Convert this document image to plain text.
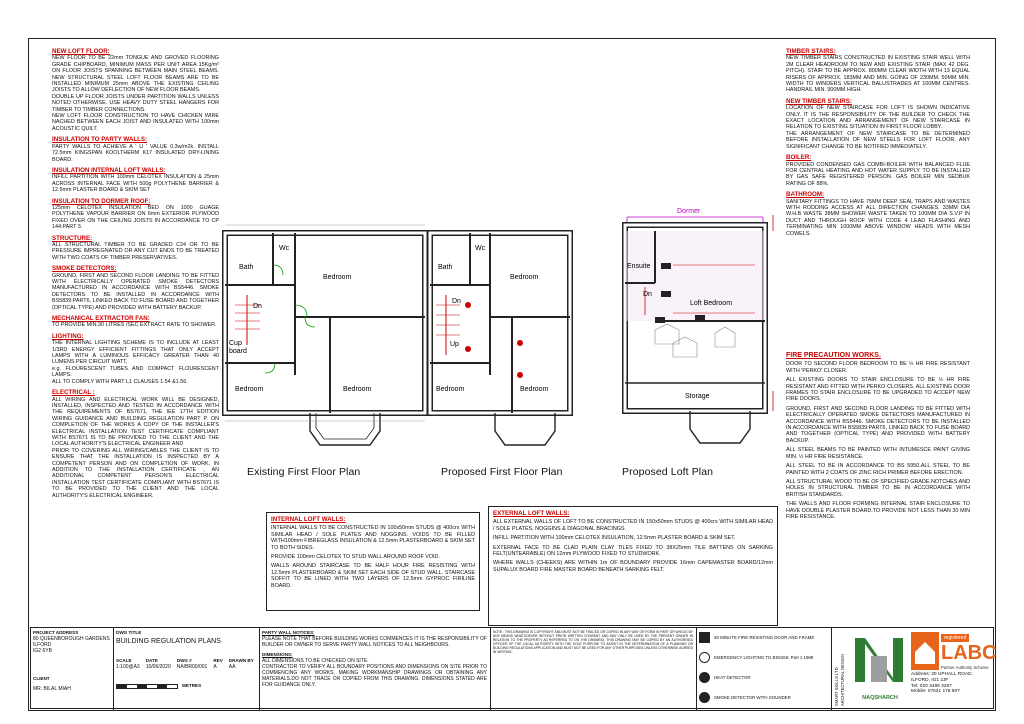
NEW LOFT FLOOR:
NEW FLOOR TO BE 22mm TONGUE AND GROVED FLOORING GRADE CHIPBOARD, MINIMUM MASS PER UNIT AREA 15Kg/m² ON FLOOR JOISTS SPANNING BETWEEN MAIN STEEL BEAMS. NEW STRUCTURAL STEEL LOFT FLOOR BEAMS ARE TO BE INSTALLED MINIMUM 25mm ABOVE THE EXISTING CEILING JOISTS TO ALLOW DEFLECTION OF NEW FLOOR BEAMS.
DOUBLE UP FLOOR JOISTS UNDER PARTITION WALLS UNLESS NOTED OTHERWISE. USE HEAVY DUTY STEEL HANGERS FOR TIMBER TO TIMBER CONNECTIONS.
NEW LOFT FLOOR CONSTRUCTION TO HAVE CHICKEN WIRE NACHED BETWEEN EACH JOIST AND INSULATED WITH 100mm ACOUSTIC QUILT.
INSULATION TO PARTY WALLS:
PARTY WALLS TO ACHIEVE A ' U ' VALUE 0.3w/m2k. INSTALL 72.5mm KINGSPAN KOOLTHERM K17 INSULATED DRY-LINING BOARD.
INSULATION INTERNAL LOFT WALLS:
INFILL PARTITION WITH 100mm CELOTEX INSULATION & 25mm ACROSS INTERNAL FACE WITH 500g POLYTHENE BARRIER & 12.5mm PLASTER BOARD & SKIM SET
INSULATION TO DORMER ROOF:
125mm CELOTEX INSULATION BED ON 1000 GUAGE POLYTHENE VAPOUR BARRIER ON 6mm EXTERIOR PLYWOOD FIXED OVER ON THE CEILING JOISTS IN ACCORDANCE TO CP 144:PART 3.
STRUCTURE:
ALL STRUCTURAL TIMBER TO BE GRADED C24 OR TO BE PRESSURE IMPREGNATED OR ANY CUT ENDS TO BE TREATED WITH TWO COATS OF TIMBER PRESERVATIVES.
SMOKE DETECTORS:
GROUND, FIRST AND SECOND FLOOR LANDING TO BE FITTED WITH ELECTRICALLY OPERATED SMOKE DETECTORS MANUFACTURED IN ACCORDANCE WITH BS5446. SMOKE DETECTORS TO BE INSTALLED IN ACCORDANCE WITH BS5839:PART6, LINKED BACK TO FUSE BOARD AND TOGETHER (OPTICAL TYPE) AND PROVIDED WITH BATTERY BACKUP.
MECHANICAL EXTRACTOR FAN:
TO PROVIDE MIN.30 LITRES /SEC EXTRACT RATE TO SHOWER.
LIGHTING:
THE INTERNAL LIGHTING SCHEME IS TO INCLUDE AT LEAST 1/3RD ENERGY EFFICIENT FITTINGS THAT ONLY ACCEPT LAMPS WITH A LUMINOUS EFFICACY GREATER THAN 40 LUMENS PER CIRCUIT WATT,
e.g. FLOURESCENT TUBES AND COMPACT FLOURESCENT LAMPS.
ALL TO COMPLY WITH PART L1 CLAUSES 1.54 &1.56.
ELECTRICAL :
ALL WIRING AND ELECTRICAL WORK WILL BE DESIGNED, INSTALLED, INSPECTED AND TESTED IN ACCORDANCE WITH THE REQUIREMENTS OF BS7671, THE IEE 17TH EDITION WIRING GUIDANCE AND BUILDING REGULATION PART P. ON COMPLETION OF THE WORKS A COPY OF THE INSTALLER'S ELECTRICAL INSTALLATION TEST CERTIFICATE COMPLIANT WITH BS7671 IS TO BE PROVIDED TO THE CLIENT AND THE LOCAL AUTHORITY'S ELECTRICAL ENGINEER AND
PRIOR TO COVERING ALL WIRING/CABLES THE CLIENT IS TO ENSURE THAT THE INSTALLATION IS INSPECTED BY A COMPETENT PERSON AND ON COMPLETION OF WORK, IN ADDITION TO THE INSTALLATION CERTIFICATE , AN ADDITIONAL COMPETENT PERSON'S ELECTRICAL INSTALLATION TEST CERTIFICATE COMPLIANT WITH BS7671 IS TO BE PROVIDED TO THE CLIENT AND THE LOCAL AUTHORITY'S ELECTRICAL ENGINEER.
TIMBER STAIRS:
NEW TIMBER STAIRS CONSTRUCTED IN EXISTING STAIR WELL WITH 2M CLEAR HEADROOM TO NEW AND EXISTING STAIR (MAX 42 DEG. PITCH). STAIR TO BE APPROX. 800MM CLEAR WIDTH WITH 13 EQUAL RISERS OF APPROX. 183MM AND MIN. GOING OF 230MM. 50MM MIN. WIDTH TO WINDERS VERTICAL BALUSTRADES AT 100MM CENTRES. HANDRAIL MIN. 900MM HIGH.
NEW TIMBER STAIRS:
LOCATION OF NEW STAIRCASE FOR LOFT IS SHOWN INDICATIVE ONLY. IT IS THE RESPONSIBILITY OF THE BUILDER TO CHECK THE EXACT LOCATION AND ARRANGEMENT OF NEW STAIRCASE IN RELATION TO EXISTING SITUATION IN FIRST FLOOR LOBBY.
THE ARRANGEMENT OF NEW STAIRCASE TO BE DETERMINED BEFORE INSTALLATION OF NEW STEELS FOR LOFT FLOOR. ANY SIGNIFICANT CHANGE TO BE NOTIFIED IMMEDIATELY.
BOILER:
PROVIDED CONDENSED GAS COMBI-BOILER WITH BALANCED FLUE FOR CENTRAL HEATING AND HOT WATER SUPPLY. TO BE INSTALLED BY GAS SAFE REGISTERED PERSON. GAS BOILER MIN SEDBUK RATING OF 88%.
BATHROOM:
SANITARY FITTINGS TO HAVE 75MM DEEP SEAL TRAPS AND WASTES WITH RODDING ACCESS AT ALL DIRECTION CHANGES. 33MM DIA W.H.B WASTE 38MM SHOWER WASTE TAKEN TO 100MM DIA S.V.P IN DUCT AND THROUGH ROOF WITH CODE 4 LEAD FLASHING AND TERMINATING MIN 1000MM ABOVE WINDOW HEADS WITH MESH COWELS.
FIRE PRECAUTION WORKS.
DOOR TO SECOND FLOOR BEDROOM TO BE ½ HR FIRE RESISTANT WITH 'PERKO' CLOSER.
ALL EXISTING DOORS TO STAIR ENCLOSURE TO BE ½ HR FIRE RESISTANT AND FITTED WITH PERKO CLOSERS. ALL EXISTING DOOR FRAMES TO STAIR ENCLOSURE TO BE UPGRADED TO ACCEPT NEW FIRE DOORS.
GROUND, FIRST AND SECOND FLOOR LANDING TO BE FITTED WITH ELECTRICALLY OPERATED SMOKE DETECTORS MANUFACTURED IN ACCORDANCE WITH BS5446. SMOKE DETECTORS TO BE INSTALLED IN ACCORDANCE WITH BS5839:PART6, LINKED BACK TO FUSE BOARD AND TOGETHER (OPTICAL TYPE) AND PROVIDED WITH BATTERY BACKUP.
ALL STEEL BEAMS TO BE PAINTED WITH INTUMESCE PAINT GIVING MIN. ½ HR FIRE RESISTANCE.
ALL STEEL TO BE IN ACCORDANCE TO BS 5950.ALL STEEL TO BE PAINTED WITH 2 COATS OF ZINC RICH PRIMER BEFORE ERECTION.
ALL STRUCTURAL WOOD TO BE OF SPECIFIED GRADE.NOTCHES AND HOLES IN STRUCTURAL TIMBER TO BE IN ACCORDANCE WITH BRITISH STANDARDS.
THE WALLS AND FLOOR FORMING INTERNAL STAIR ENCLOSURE TO HAVE DOUBLE PLASTER BOARD.TO PROVIDE NOT LESS THAN 30 MIN FIRE RESISTANCE.
INTERNAL LOFT WALLS:
INTERNAL WALLS TO BE CONSTRUCTED IN 100x50mm STUDS @ 400crs WITH SIMILAR HEAD / SOLE PLATES AND NOGGINS. VOIDS TO BE FILLED WITH100mm FIBREGLASS INSULATION & 12.5mm PLASTERBOARD & SKIM SET TO BOTH SIDES.
PROVIDE 100mm CELOTEX TO STUD WALL AROUND ROOF VOID.
WALLS AROUND STAIRCASE TO BE HALF HOUR FIRE RESISTING WITH 12.5mm PLASTERBOARD & SKIM SET EACH SIDE OF STUD WALL. STAIRCASE SOFFIT TO BE LINED WITH TWO LAYERS OF 12.5mm GYPROC FIRILINE BOARD.
EXTERNAL LOFT WALLS:
ALL EXTERNAL WALLS OF LOFT TO BE CONSTRUCTED IN 150x50mm STUDS @ 400crs WITH SIMILAR HEAD / SOLE PLATES, NOGGINS & DIAGONAL BRACINGS.
INFILL PARTITION WITH 100mm CELOTEX INSULATION, 12.5mm PLASTER BOARD & SKIM SET.
EXTERNAL FACE TO BE CLAD PLAIN CLAY TILES FIXED TO 38X25mm TILE BATTENS ON SARKING FELT(UNTEARABLE) ON 12mm PLYWOOD FIXED TO STUDWORK.
WHERE WALLS (CHEEKS) ARE WITHIN 1m OF BOUNDARY PROVIDE 16mm CAPEMASTER BOARD/12mm SUPALUX BOARD FIRE MASTER BOARD BENEATH SARKING FELT.
Bath
Wc
Bedroom
Dn
Cup board
Bedroom	Bedroom
Bath
Wc
Bedroom
Dn
Up
Bedroom	Bedroom
Dormer
Ensuite
Dn
Loft Bedroom
Storage
Existing First Floor Plan	Proposed First Floor Plan	Proposed Loft Plan
PROJECT ADDRESS
80 QUEENBOROUGH GARDENS
ILFORD
IG2 6YB
CLIENT
MR. BILAL MIAH
DWG TITLE
BUILDING REGULATION PLANS
SCALE
1:100@A3
DATE
10/06/2020
DWG #
NA/BR00/001
REV
A
DRAWN BY
AA
METRES
PARTY WALL NOTICES:
PLEASE NOTE THAT BEFORE BUILDING WORKS COMMENCES IT IS THE RESPONSIBILITY OF BUILDER OR OWNER TO SERVE PARTY WALL NOTICES TO ALL NEIGHBOURS.
DIMENSIONS:
ALL DIMENSIONS TO BE CHECKED ON SITE.
CONTRACTOR TO VERIFY ALL BOUNDARY POSITIONS AND DIMENSIONS ON SITE PRIOR TO COMMENCING ANY WORKS, MAKING WORKMANSHIP DRAWINGS OR OBTAINING ANY MATERIALS.DO NOT TRACE OR COPIED FROM THIS DRAWING. DIMENSIONS STATED ARE FOR GUIDANCE ONLY.
NOTE : THIS DRAWING IS COPYRIGHT AND MUST NOT BE TRACED OR COPIED IN ANY WAY OR FORM IN PART OR WHOLE BY ANY MEANS WHATSOEVER WITHOUT PRIOR WRITTEN CONSENT AND MAY ONLY BE USED BY THE PRESENT OWNER IN RELATION TO THE PROPERTY AS REFERRED TO ON THE DRAWING. THIS DRAWING MAY BE COPIED BY AN AUTHORISED OFFICER OF THE LOCAL AUTHORITY WITH THE SOLE PURPOSE TO ASSIST IN THE DETERMINATION OF A PLANNING OR BUILDING REGULATIONS APPLICATION AND MUST NOT BE USED FOR ANY OTHER PURPOSES UNLESS OTHERWISE AGREED IN WRITING.
30 MINUTE FIRE RESISTING DOOR AND FRAME
EMERGENCY LIGHTING TO BS5266: Part 1 1988
HEAT DETECTOR
SMOKE DETECTOR WITH SOUNDER	SMART SKILLS LTD
ARCHITECTURAL DESIGN
NAQSHARCH
Address: 30 UPHALL ROAD, ILFORD, IG1 2JF
Tel: 020 3489 3287
Mobile: 07531 176 907
registered
LABC
Partner Authority Scheme
